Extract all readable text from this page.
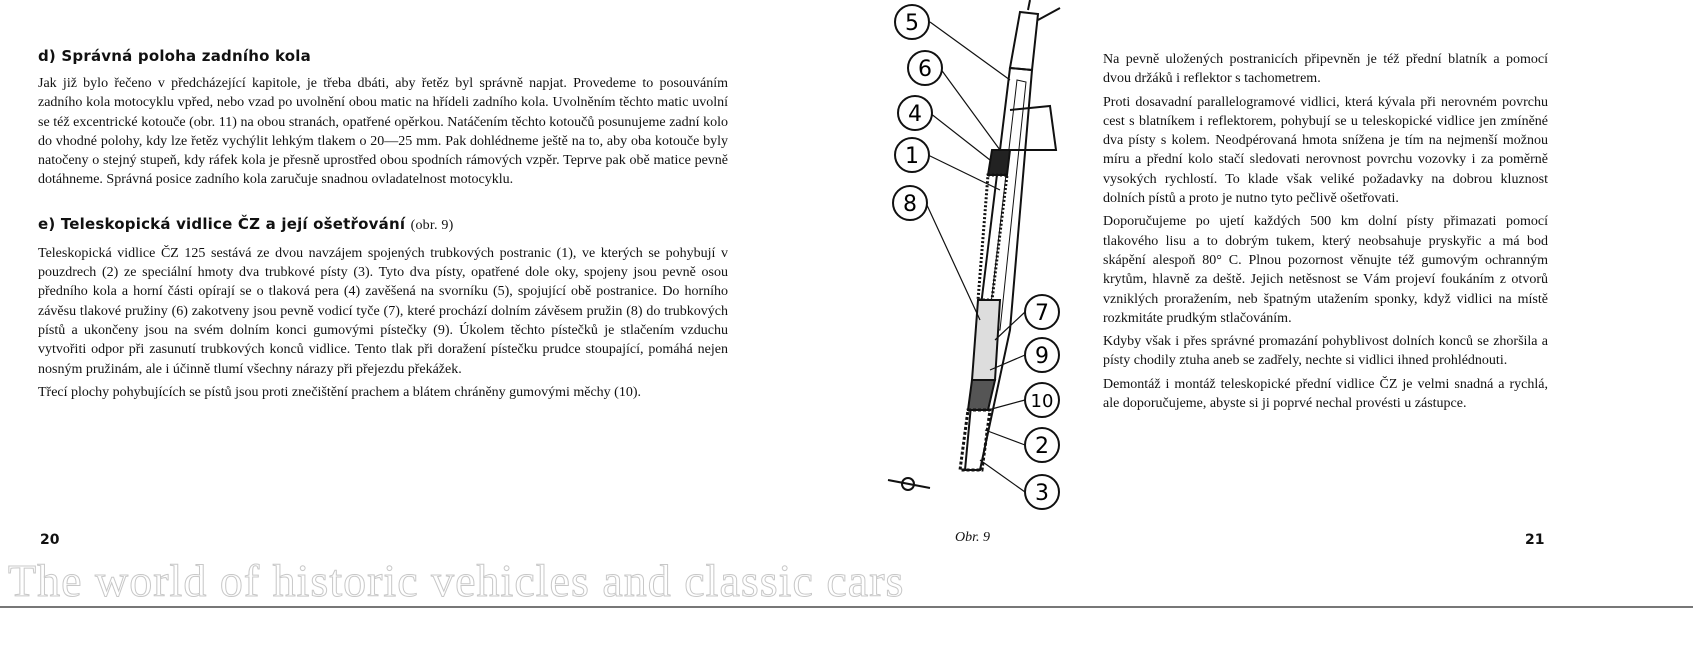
d) Správná poloha zadního kola

Jak již bylo řečeno v předcházející kapitole, je třeba dbáti, aby řetěz byl správně napjat. Provedeme to posouváním zadního kola motocyklu vpřed, nebo vzad po uvolnění obou matic na hřídeli zadního kola. Uvolněním těchto matic uvolní se též excentrické kotouče (obr. 11) na obou stranách, opatřené opěrkou. Natáčením těchto kotoučů posunujeme zadní kolo do vhodné polohy, kdy lze řetěz vychýlit lehkým tlakem o 20—25 mm. Pak dohlédneme ještě na to, aby oba kotouče byly natočeny o stejný stupeň, kdy ráfek kola je přesně uprostřed obou spodních rámových vzpěr. Teprve pak obě matice pevně dotáhneme. Správná posice zadního kola zaručuje snadnou ovladatelnost motocyklu.

e) Teleskopická vidlice ČZ a její ošetřování (obr. 9)

Teleskopická vidlice ČZ 125 sestává ze dvou navzájem spojených trubkových postranic (1), ve kterých se pohybují v pouzdrech (2) ze speciální hmoty dva trubkové písty (3). Tyto dva písty, opatřené dole oky, spojeny jsou pevně osou předního kola a horní části opírají se o tlaková pera (4) zavěšená na svorníku (5), spojující obě postranice. Do horního závěsu tlakové pružiny (6) zakotveny jsou pevně vodicí tyče (7), které prochází dolním závěsem pružin (8) do trubkových pístů a ukončeny jsou na svém dolním konci gumovými pístečky (9). Úkolem těchto pístečků je stlačením vzduchu vytvořiti odpor při zasunutí trubkových konců vidlice. Tento tlak při doražení pístečku prudce stoupající, pomáhá nejen nosným pružinám, ale i účinně tlumí všechny nárazy při přejezdu překážek.

Třecí plochy pohybujících se pístů jsou proti znečištění prachem a blátem chráněny gumovými měchy (10).

20
5
6
4
1
8
7
9
10
2
3
Obr. 9

Na pevně uložených postranicích připevněn je též přední blatník a pomocí dvou držáků i reflektor s tachometrem.

Proti dosavadní parallelogramové vidlici, která kývala při nerovném povrchu cest s blatníkem i reflektorem, pohybují se u teleskopické vidlice jen zmíněné dva písty s kolem. Neodpérovaná hmota snížena je tím na nejmenší možnou míru a přední kolo stačí sledovati nerovnost povrchu vozovky i za poměrně vysokých rychlostí. To klade však veliké požadavky na dobrou kluznost dolních pístů a proto je nutno tyto pečlivě ošetřovati.

Doporučujeme po ujetí každých 500 km dolní písty přimazati pomocí tlakového lisu a to dobrým tukem, který neobsahuje pryskyřic a má bod skápění alespoň 80° C. Plnou pozornost věnujte též gumovým ochranným krytům, hlavně za deště. Jejich netěsnost se Vám projeví foukáním z otvorů vzniklých proražením, neb špatným utažením sponky, když vidlici na místě rozkmitáte prudkým stlačováním.

Kdyby však i přes správné promazání pohyblivost dolních konců se zhoršila a písty chodily ztuha aneb se zadřely, nechte si vidlici ihned prohlédnouti.

Demontáž i montáž teleskopické přední vidlice ČZ je velmi snadná a rychlá, ale doporučujeme, abyste si ji poprvé nechal provésti u zástupce.

21
The world of historic vehicles and classic cars
